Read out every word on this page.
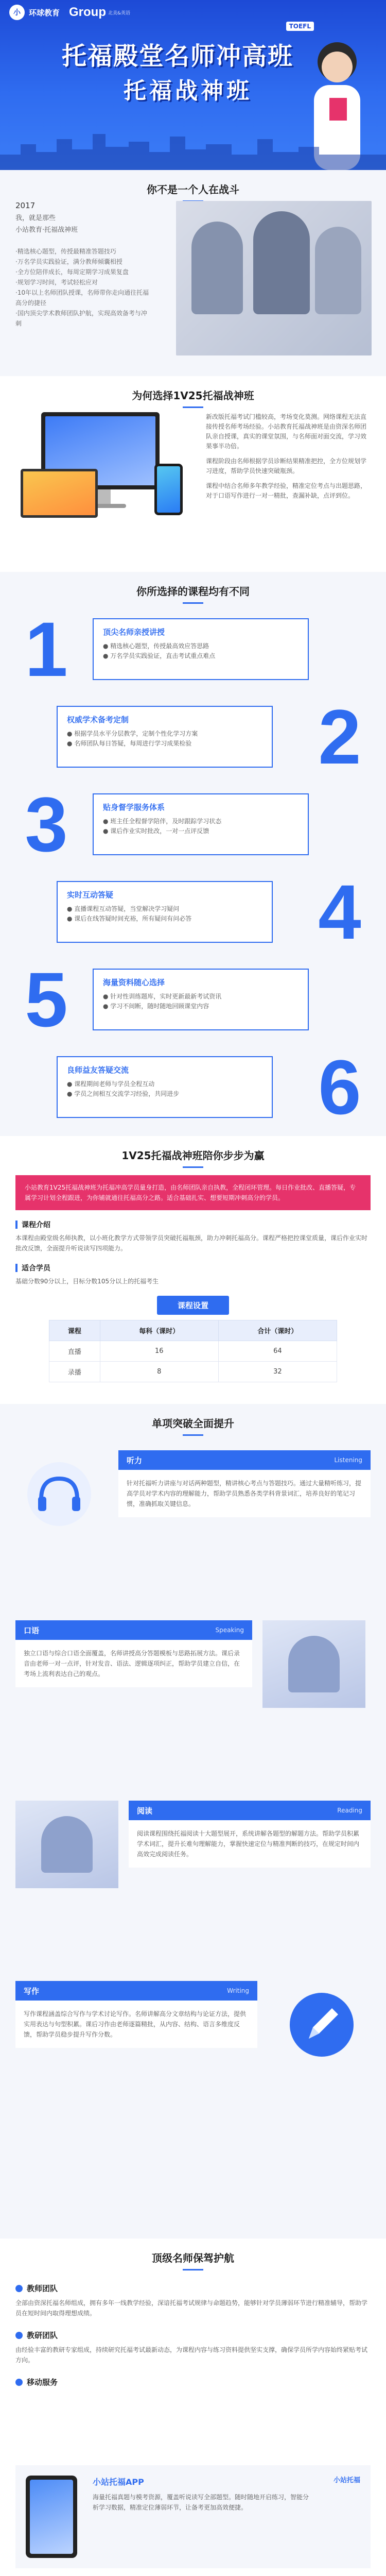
小	环球教育 Group 北美&英语
TOEFL
托福殿堂名师冲高班
托福战神班
你不是一个人在战斗
2017
我，就是那些
小站教育·托福战神班
·精选核心题型，传授最精准答题技巧
·万名学员实践验证，满分教师倾囊相授
·全方位陪伴成长，每周定期学习成果复盘
·规划学习时间，考试轻松应对
·10年以上名师团队授课，名师带你走向通往托福高分的捷径
·国内顶尖学术教师团队护航，实现高效备考与冲刺
为何选择1V25托福战神班

新改版托福考试门槛较高，考场变化莫测。网络课程无法直接传授名师考场经验。小站教育托福战神班是由资深名师团队亲自授课，真实的课堂氛围，与名师面对面交流，学习效果事半功倍。

课程阶段由名师根据学员诊断结果精准把控，全方位规划学习进度，帮助学员快速突破瓶颈。

课程中结合名师多年教学经验，精准定位考点与出题思路，对于口语写作进行一对一精批，查漏补缺，点评到位。

你所选择的课程均有不同
1	顶尖名师亲授讲授
● 精选核心题型，传授最高效应答思路
● 万名学员实践验证，直击考试重点难点
权威学术备考定制
● 根据学员水平分层教学，定制个性化学习方案
● 名师团队每日答疑，每周进行学习成果检验	2
3	贴身督学服务体系
● 班主任全程督学陪伴，及时跟踪学习状态
● 课后作业实时批改，一对一点评反馈
实时互动答疑
● 直播课程互动答疑，当堂解决学习疑问
● 课后在线答疑时间充裕，所有疑问有问必答	4
5	海量资料随心选择
● 针对性训练题库，实时更新最新考试资讯
● 学习不间断，随时随地回顾课堂内容
良师益友答疑交流
● 课程期间老师与学员全程互动
● 学员之间相互交流学习经验，共同进步	6
1V25托福战神班陪你步步为赢
小站教育1V25托福战神班为托福冲高学员量身打造，由名师团队亲自执教，全程闭环管理。每日作业批改、直播答疑，专属学习计划全程跟进，为你铺就通往托福高分之路。适合基础扎实、想要短期冲刺高分的学员。
课程介绍
本课程由殿堂级名师执教，以小班化教学方式带领学员突破托福瓶颈，助力冲刺托福高分。课程严格把控课堂质量，课后作业实时批改反馈，全面提升听说读写四项能力。
适合学员
基础分数90分以上，目标分数105分以上的托福考生
课程设置
课程	每科（课时）	合计（课时）
直播	16	64
录播	8	32
单项突破全面提升
听力	Listening
针对托福听力讲座与对话两种题型，精讲核心考点与答题技巧。通过大量精听练习，提高学员对学术内容的理解能力，帮助学员熟悉各类学科背景词汇，培养良好的笔记习惯，准确抓取关键信息。
口语	Speaking
独立口语与综合口语全面覆盖，名师讲授高分答题模板与思路拓展方法。课后录音由老师一对一点评，针对发音、语法、逻辑逐项纠正，帮助学员建立自信，在考场上流利表达自己的观点。
阅读	Reading
阅读课程围绕托福阅读十大题型展开，系统讲解各题型的解题方法。帮助学员积累学术词汇，提升长难句理解能力，掌握快速定位与精准判断的技巧，在规定时间内高效完成阅读任务。
写作	Writing
写作课程涵盖综合写作与学术讨论写作。名师讲解高分文章结构与论证方法，提供实用表达与句型积累。课后习作由老师逐篇精批，从内容、结构、语言多维度反馈，帮助学员稳步提升写作分数。
顶级名师保驾护航
教师团队
全部由资深托福名师组成，拥有多年一线教学经验，深谙托福考试规律与命题趋势，能够针对学员薄弱环节进行精准辅导，帮助学员在短时间内取得理想成绩。
教研团队
由经验丰富的教研专家组成，持续研究托福考试最新动态，为课程内容与练习资料提供坚实支撑，确保学员所学内容始终紧贴考试方向。
移动服务
小站托福APP	小站托福
海量托福真题与模考资源，覆盖听说读写全部题型。随时随地开启练习，智能分析学习数据，精准定位薄弱环节，让备考更加高效便捷。
